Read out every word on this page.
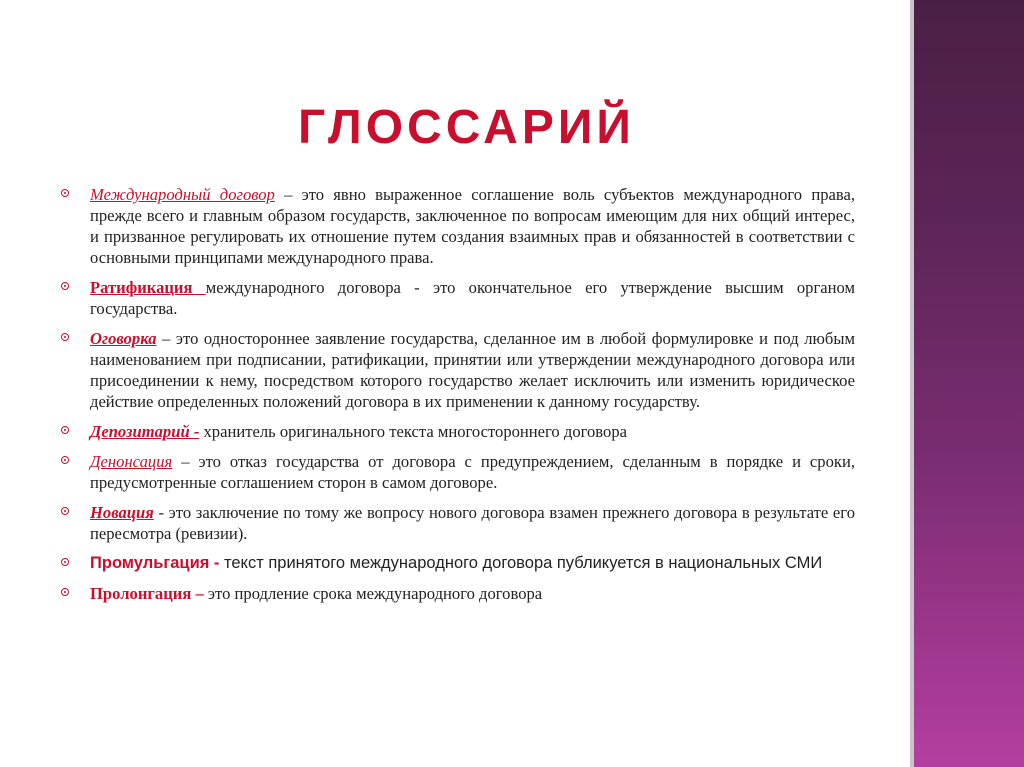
ГЛОССАРИЙ
Международный договор – это явно выраженное соглашение воль субъектов международного права, прежде всего и главным образом государств, заключенное по вопросам имеющим для них общий интерес, и призванное регулировать их отношение путем создания взаимных прав и обязанностей в соответствии с основными принципами международного права.
Ратификация международного договора - это окончательное его утверждение высшим органом государства.
Оговорка – это одностороннее заявление государства, сделанное им в любой формулировке и под любым наименованием при подписании, ратификации, принятии или утверждении международного договора или присоединении к нему, посредством которого государство желает исключить или изменить юридическое действие определенных положений договора в их применении к данному государству.
Депозитарий - хранитель оригинального текста многостороннего договора
Денонсация – это отказ государства от договора с предупреждением, сделанным в порядке и сроки, предусмотренные соглашением сторон в самом договоре.
Новация - это заключение по тому же вопросу нового договора взамен прежнего договора в результате его пересмотра (ревизии).
Промульгация - текст принятого международного договора публикуется в национальных СМИ
Пролонгация – это продление срока международного договора
